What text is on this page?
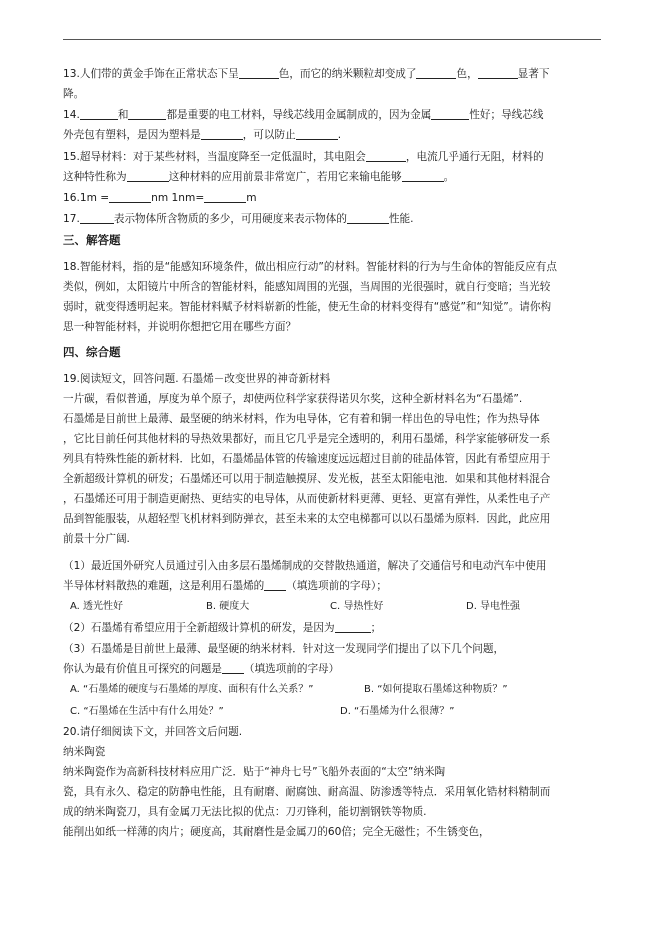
13.人们带的黄金手饰在正常状态下呈	色，而它的纳米颗粒却变成了	色，	显著下
降。
14.	和	都是重要的电工材料，导线芯线用金属制成的，因为金属	性好；导线芯线
外壳包有塑料，是因为塑料是	，可以防止	.
15.超导材料：对于某些材料，当温度降至一定低温时，其电阻会	，电流几乎通行无阻，材料的
这种特性称为	这种材料的应用前景非常宽广，若用它来输电能够	。
16.1m =	nm 1nm=	m
17.	表示物体所含物质的多少，可用硬度来表示物体的	性能.
三、解答题
18.智能材料，指的是“能感知环境条件，做出相应行动”的材料。智能材料的行为与生命体的智能反应有点
类似，例如，太阳镜片中所含的智能材料，能感知周围的光强，当周围的光很强时，就自行变暗；当光较
弱时，就变得透明起来。智能材料赋予材料崭新的性能，使无生命的材料变得有“感觉”和“知觉”。请你构
思一种智能材料，并说明你想把它用在哪些方面？
四、综合题
19.阅读短文，回答问题. 石墨烯－改变世界的神奇新材料
一片碳，看似普通，厚度为单个原子，却使两位科学家获得诺贝尔奖，这种全新材料名为“石墨烯”.
石墨烯是目前世上最薄、最坚硬的纳米材料，作为电导体，它有着和铜一样出色的导电性；作为热导体
，它比目前任何其他材料的导热效果都好，而且它几乎是完全透明的，利用石墨烯，科学家能够研发一系
列具有特殊性能的新材料．比如，石墨烯晶体管的传输速度远远超过目前的硅晶体管，因此有希望应用于
全新超级计算机的研发；石墨烯还可以用于制造触摸屏、发光板，甚至太阳能电池．如果和其他材料混合
，石墨烯还可用于制造更耐热、更结实的电导体，从而使新材料更薄、更轻、更富有弹性，从柔性电子产
品到智能服装，从超轻型飞机材料到防弹衣，甚至未来的太空电梯都可以以石墨烯为原料．因此，此应用
前景十分广阔.
（1）最近国外研究人员通过引入由多层石墨烯制成的交替散热通道，解决了交通信号和电动汽车中使用
半导体材料散热的难题，这是利用石墨烯的 （填选项前的字母）；
A. 透光性好	B. 硬度大	C. 导热性好	D. 导电性强
（2）石墨烯有希望应用于全新超级计算机的研发，是因为	；
（3）石墨烯是目前世上最薄、最坚硬的纳米材料．针对这一发现同学们提出了以下几个问题，
你认为最有价值且可探究的问题是 （填选项前的字母）
A. “石墨烯的硬度与石墨烯的厚度、面积有什么关系？”	B. “如何提取石墨烯这种物质？”
C. “石墨烯在生活中有什么用处？”	D. “石墨烯为什么很薄？”
20.请仔细阅读下文，并回答文后问题.
纳米陶瓷
纳米陶瓷作为高新科技材料应用广泛．贴于“神舟七号”飞船外表面的“太空”纳米陶
瓷，具有永久、稳定的防静电性能，且有耐磨、耐腐蚀、耐高温、防渗透等特点．采用氧化锆材料精制而
成的纳米陶瓷刀，具有金属刀无法比拟的优点：刀刃锋利，能切割钢铁等物质.
能削出如纸一样薄的肉片；硬度高，其耐磨性是金属刀的60倍；完全无磁性；不生锈变色，
